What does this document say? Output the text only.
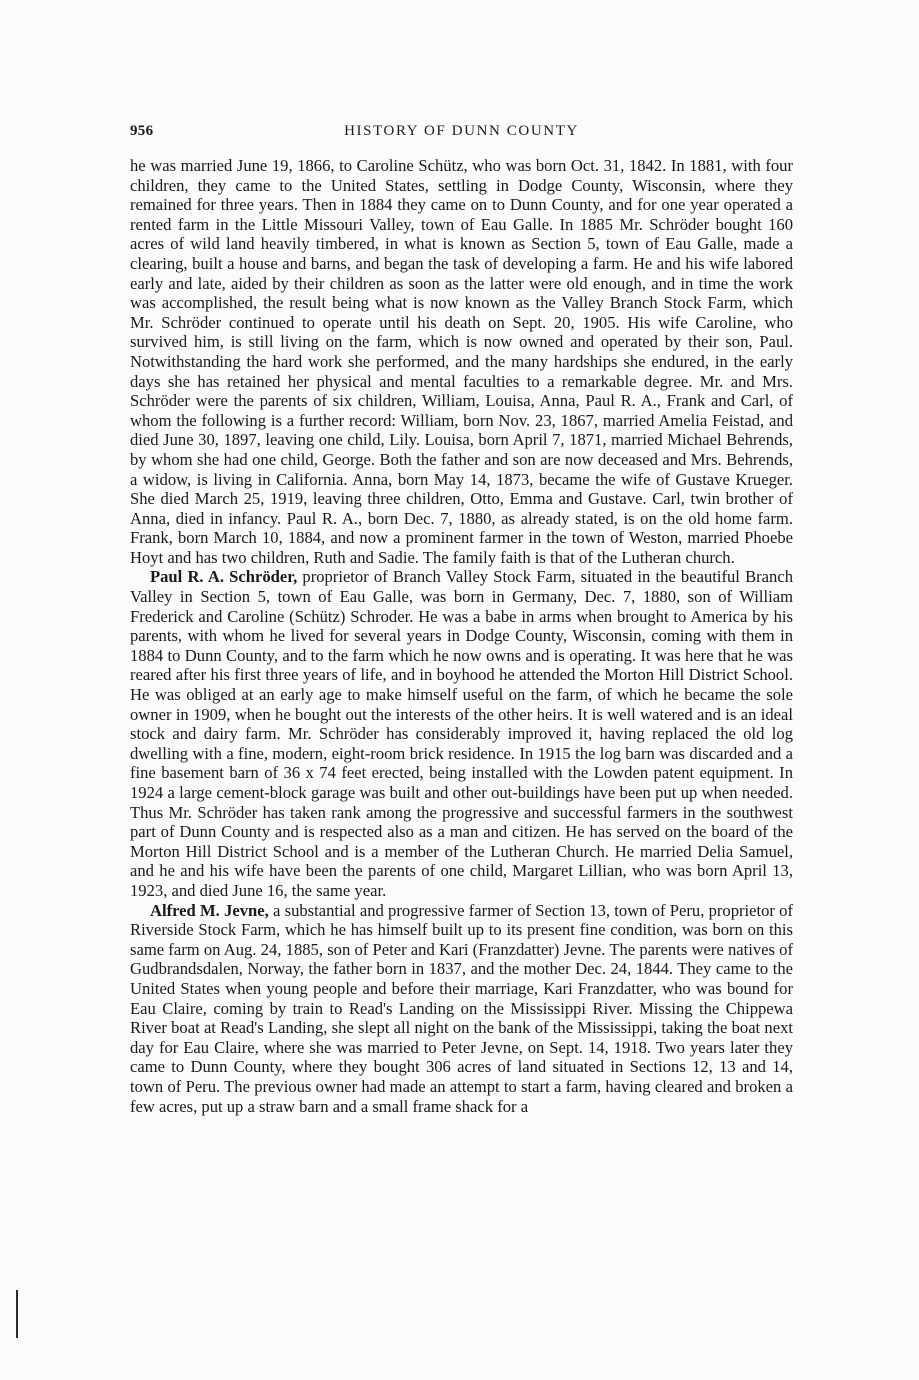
956	HISTORY OF DUNN COUNTY

he was married June 19, 1866, to Caroline Schütz, who was born Oct. 31, 1842. In 1881, with four children, they came to the United States, settling in Dodge County, Wisconsin, where they remained for three years. Then in 1884 they came on to Dunn County, and for one year operated a rented farm in the Little Missouri Valley, town of Eau Galle. In 1885 Mr. Schröder bought 160 acres of wild land heavily timbered, in what is known as Section 5, town of Eau Galle, made a clearing, built a house and barns, and began the task of developing a farm. He and his wife labored early and late, aided by their children as soon as the latter were old enough, and in time the work was accomplished, the result being what is now known as the Valley Branch Stock Farm, which Mr. Schröder continued to operate until his death on Sept. 20, 1905. His wife Caroline, who survived him, is still living on the farm, which is now owned and operated by their son, Paul. Notwithstanding the hard work she performed, and the many hardships she endured, in the early days she has retained her physical and mental faculties to a remarkable degree. Mr. and Mrs. Schröder were the parents of six children, William, Louisa, Anna, Paul R. A., Frank and Carl, of whom the following is a further record: William, born Nov. 23, 1867, married Amelia Feistad, and died June 30, 1897, leaving one child, Lily. Louisa, born April 7, 1871, married Michael Behrends, by whom she had one child, George. Both the father and son are now deceased and Mrs. Behrends, a widow, is living in California. Anna, born May 14, 1873, became the wife of Gustave Krueger. She died March 25, 1919, leaving three children, Otto, Emma and Gustave. Carl, twin brother of Anna, died in infancy. Paul R. A., born Dec. 7, 1880, as already stated, is on the old home farm. Frank, born March 10, 1884, and now a prominent farmer in the town of Weston, married Phoebe Hoyt and has two children, Ruth and Sadie. The family faith is that of the Lutheran church.

Paul R. A. Schröder, proprietor of Branch Valley Stock Farm, situated in the beautiful Branch Valley in Section 5, town of Eau Galle, was born in Germany, Dec. 7, 1880, son of William Frederick and Caroline (Schütz) Schroder. He was a babe in arms when brought to America by his parents, with whom he lived for several years in Dodge County, Wisconsin, coming with them in 1884 to Dunn County, and to the farm which he now owns and is operating. It was here that he was reared after his first three years of life, and in boyhood he attended the Morton Hill District School. He was obliged at an early age to make himself useful on the farm, of which he became the sole owner in 1909, when he bought out the interests of the other heirs. It is well watered and is an ideal stock and dairy farm. Mr. Schröder has considerably improved it, having replaced the old log dwelling with a fine, modern, eight-room brick residence. In 1915 the log barn was discarded and a fine basement barn of 36 x 74 feet erected, being installed with the Lowden patent equipment. In 1924 a large cement-block garage was built and other out-buildings have been put up when needed. Thus Mr. Schröder has taken rank among the progressive and successful farmers in the southwest part of Dunn County and is respected also as a man and citizen. He has served on the board of the Morton Hill District School and is a member of the Lutheran Church. He married Delia Samuel, and he and his wife have been the parents of one child, Margaret Lillian, who was born April 13, 1923, and died June 16, the same year.

Alfred M. Jevne, a substantial and progressive farmer of Section 13, town of Peru, proprietor of Riverside Stock Farm, which he has himself built up to its present fine condition, was born on this same farm on Aug. 24, 1885, son of Peter and Kari (Franzdatter) Jevne. The parents were natives of Gudbrandsdalen, Norway, the father born in 1837, and the mother Dec. 24, 1844. They came to the United States when young people and before their marriage, Kari Franzdatter, who was bound for Eau Claire, coming by train to Read's Landing on the Mississippi River. Missing the Chippewa River boat at Read's Landing, she slept all night on the bank of the Mississippi, taking the boat next day for Eau Claire, where she was married to Peter Jevne, on Sept. 14, 1918. Two years later they came to Dunn County, where they bought 306 acres of land situated in Sections 12, 13 and 14, town of Peru. The previous owner had made an attempt to start a farm, having cleared and broken a few acres, put up a straw barn and a small frame shack for a
